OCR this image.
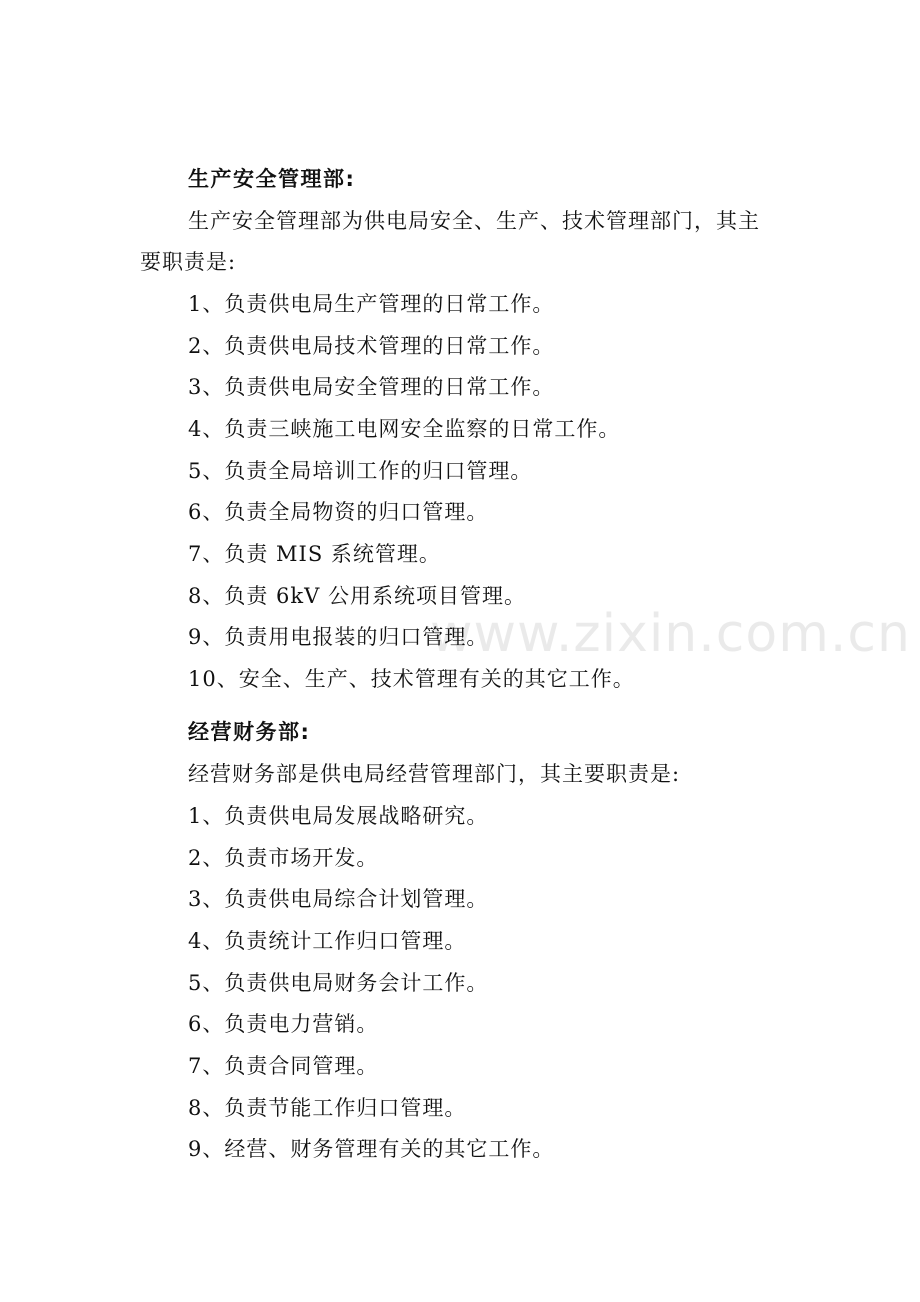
www.zixin.com.cn
生产安全管理部:
生产安全管理部为供电局安全、生产、技术管理部门，其主
要职责是:
1、负责供电局生产管理的日常工作。
2、负责供电局技术管理的日常工作。
3、负责供电局安全管理的日常工作。
4、负责三峡施工电网安全监察的日常工作。
5、负责全局培训工作的归口管理。
6、负责全局物资的归口管理。
7、负责 MIS 系统管理。
8、负责 6kV 公用系统项目管理。
9、负责用电报装的归口管理。
10、安全、生产、技术管理有关的其它工作。
经营财务部:
经营财务部是供电局经营管理部门，其主要职责是:
1、负责供电局发展战略研究。
2、负责市场开发。
3、负责供电局综合计划管理。
4、负责统计工作归口管理。
5、负责供电局财务会计工作。
6、负责电力营销。
7、负责合同管理。
8、负责节能工作归口管理。
9、经营、财务管理有关的其它工作。
